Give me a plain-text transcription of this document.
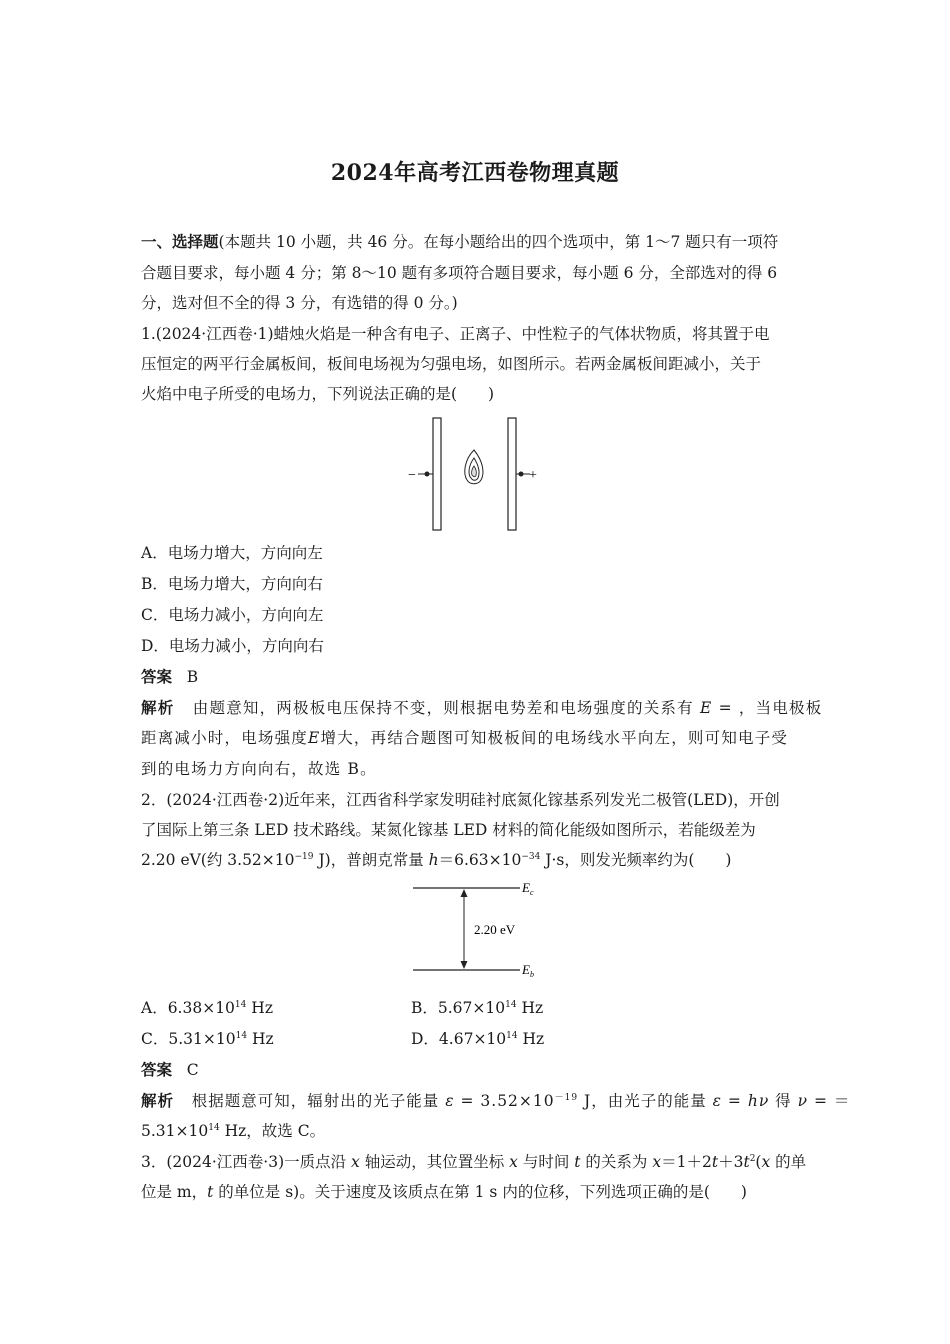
2024年高考江西卷物理真题
一、选择题(本题共 10 小题，共 46 分。在每小题给出的四个选项中，第 1～7 题只有一项符
合题目要求，每小题 4 分；第 8～10 题有多项符合题目要求，每小题 6 分，全部选对的得 6
分，选对但不全的得 3 分，有选错的得 0 分。)
1.(2024·江西卷·1)蜡烛火焰是一种含有电子、正离子、中性粒子的气体状物质，将其置于电
压恒定的两平行金属板间，板间电场视为匀强电场，如图所示。若两金属板间距减小，关于
火焰中电子所受的电场力，下列说法正确的是(　　)
−	+
A．电场力增大，方向向左
B．电场力增大，方向向右
C．电场力减小，方向向左
D．电场力减小，方向向右
答案 B
解析 由题意知，两极板电压保持不变，则根据电势差和电场强度的关系有 E = ，当电极板
距离减小时，电场强度E增大，再结合题图可知极板间的电场线水平向左，则可知电子受
到的电场力方向向右，故选 B。
2．(2024·江西卷·2)近年来，江西省科学家发明硅衬底氮化镓基系列发光二极管(LED)，开创
了国际上第三条 LED 技术路线。某氮化镓基 LED 材料的简化能级如图所示，若能级差为
2.20 eV(约 $3.52\times 10^{-19}$ J)，普朗克常量 $h=6.63\times 10^{-34}$ J·s，则发光频率约为(　　)
2.20 eV
$E_c$
$E_b$
A．$6.38\times 10^{14}$ Hz	B．$5.67\times 10^{14}$ Hz
C．$5.31\times 10^{14}$ Hz	D．$4.67\times 10^{14}$ Hz
答案 C
解析 根据题意可知，辐射出的光子能量 $\varepsilon = 3.52\times 10^{-19}$ J，由光子的能量 ε = hν 得 ν = ＝
$5.31\times 10^{14}$ Hz，故选 C。
3．(2024·江西卷·3)一质点沿 x 轴运动，其位置坐标 x 与时间 t 的关系为 $x=1+2t+3t^2(x$ 的单
位是 m，t 的单位是 s)。关于速度及该质点在第 1 s 内的位移，下列选项正确的是(　　)
